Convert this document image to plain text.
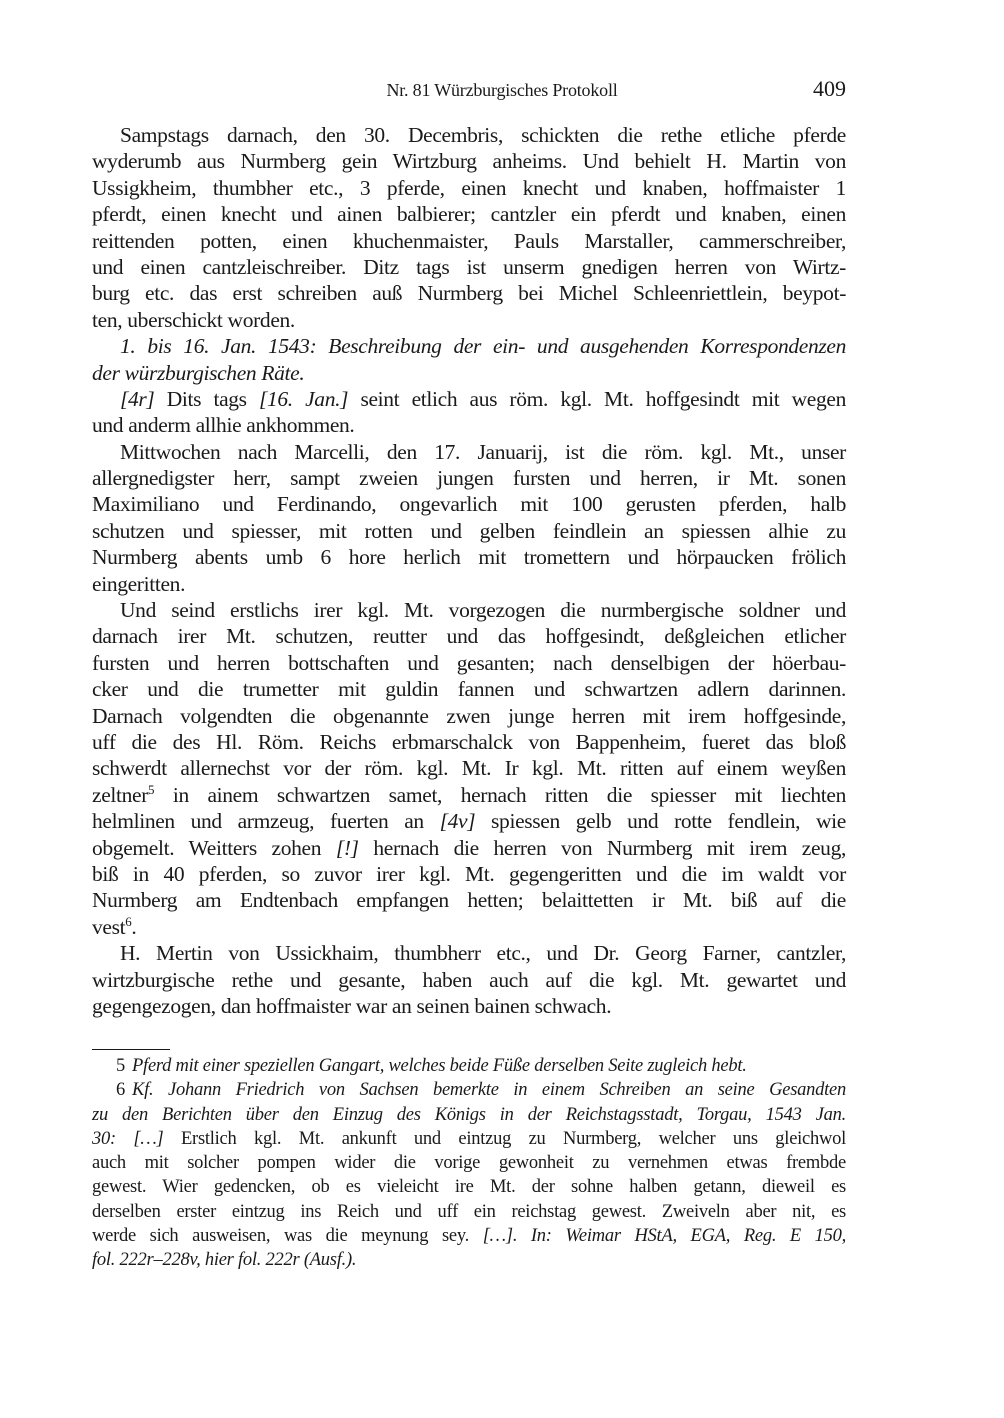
Nr. 81 Würzburgisches Protokoll	409
Sampstags darnach, den 30. Decembris, schickten die rethe etliche pferde
wyderumb aus Nurmberg gein Wirtzburg anheims. Und behielt H. Martin von
Ussigkheim, thumbher etc., 3 pferde, einen knecht und knaben, hoffmaister 1
pferdt, einen knecht und ainen balbierer; cantzler ein pferdt und knaben, einen
reittenden potten, einen khuchenmaister, Pauls Marstaller, cammerschreiber,
und einen cantzleischreiber. Ditz tags ist unserm gnedigen herren von Wirtz-
burg etc. das erst schreiben auß Nurmberg bei Michel Schleenriettlein, beypot-
ten, uberschickt worden.
1. bis 16. Jan. 1543: Beschreibung der ein- und ausgehenden Korrespondenzen
der würzburgischen Räte.
[4r] Dits tags [16. Jan.] seint etlich aus röm. kgl. Mt. hoffgesindt mit wegen
und anderm allhie ankhommen.
Mittwochen nach Marcelli, den 17. Januarij, ist die röm. kgl. Mt., unser
allergnedigster herr, sampt zweien jungen fursten und herren, ir Mt. sonen
Maximiliano und Ferdinando, ongevarlich mit 100 gerusten pferden, halb
schutzen und spiesser, mit rotten und gelben feindlein an spiessen alhie zu
Nurmberg abents umb 6 hore herlich mit tromettern und hörpaucken frölich
eingeritten.
Und seind erstlichs irer kgl. Mt. vorgezogen die nurmbergische soldner und
darnach irer Mt. schutzen, reutter und das hoffgesindt, deßgleichen etlicher
fursten und herren bottschaften und gesanten; nach denselbigen der höerbau-
cker und die trumetter mit guldin fannen und schwartzen adlern darinnen.
Darnach volgendten die obgenannte zwen junge herren mit irem hoffgesinde,
uff die des Hl. Röm. Reichs erbmarschalck von Bappenheim, fueret das bloß
schwerdt allernechst vor der röm. kgl. Mt. Ir kgl. Mt. ritten auf einem weyßen
zeltner$^5$ in ainem schwartzen samet, hernach ritten die spiesser mit liechten
helmlinen und armzeug, fuerten an [4v] spiessen gelb und rotte fendlein, wie
obgemelt. Weitters zohen [!] hernach die herren von Nurmberg mit irem zeug,
biß in 40 pferden, so zuvor irer kgl. Mt. gegengeritten und die im waldt vor
Nurmberg am Endtenbach empfangen hetten; belaittetten ir Mt. biß auf die
vest$^6$.
H. Mertin von Ussickhaim, thumbherr etc., und Dr. Georg Farner, cantzler,
wirtzburgische rethe und gesante, haben auch auf die kgl. Mt. gewartet und
gegengezogen, dan hoffmaister war an seinen bainen schwach.
5 Pferd mit einer speziellen Gangart, welches beide Füße derselben Seite zugleich hebt.
6 Kf. Johann Friedrich von Sachsen bemerkte in einem Schreiben an seine Gesandten
zu den Berichten über den Einzug des Königs in der Reichstagsstadt, Torgau, 1543 Jan.
30: […] Erstlich kgl. Mt. ankunft und eintzug zu Nurmberg, welcher uns gleichwol
auch mit solcher pompen wider die vorige gewonheit zu vernehmen etwas frembde
gewest. Wier gedencken, ob es vieleicht ire Mt. der sohne halben getann, dieweil es
derselben erster eintzug ins Reich und uff ein reichstag gewest. Zweiveln aber nit, es
werde sich ausweisen, was die meynung sey. […]. In: Weimar HStA, EGA, Reg. E 150,
fol. 222r–228v, hier fol. 222r (Ausf.).
